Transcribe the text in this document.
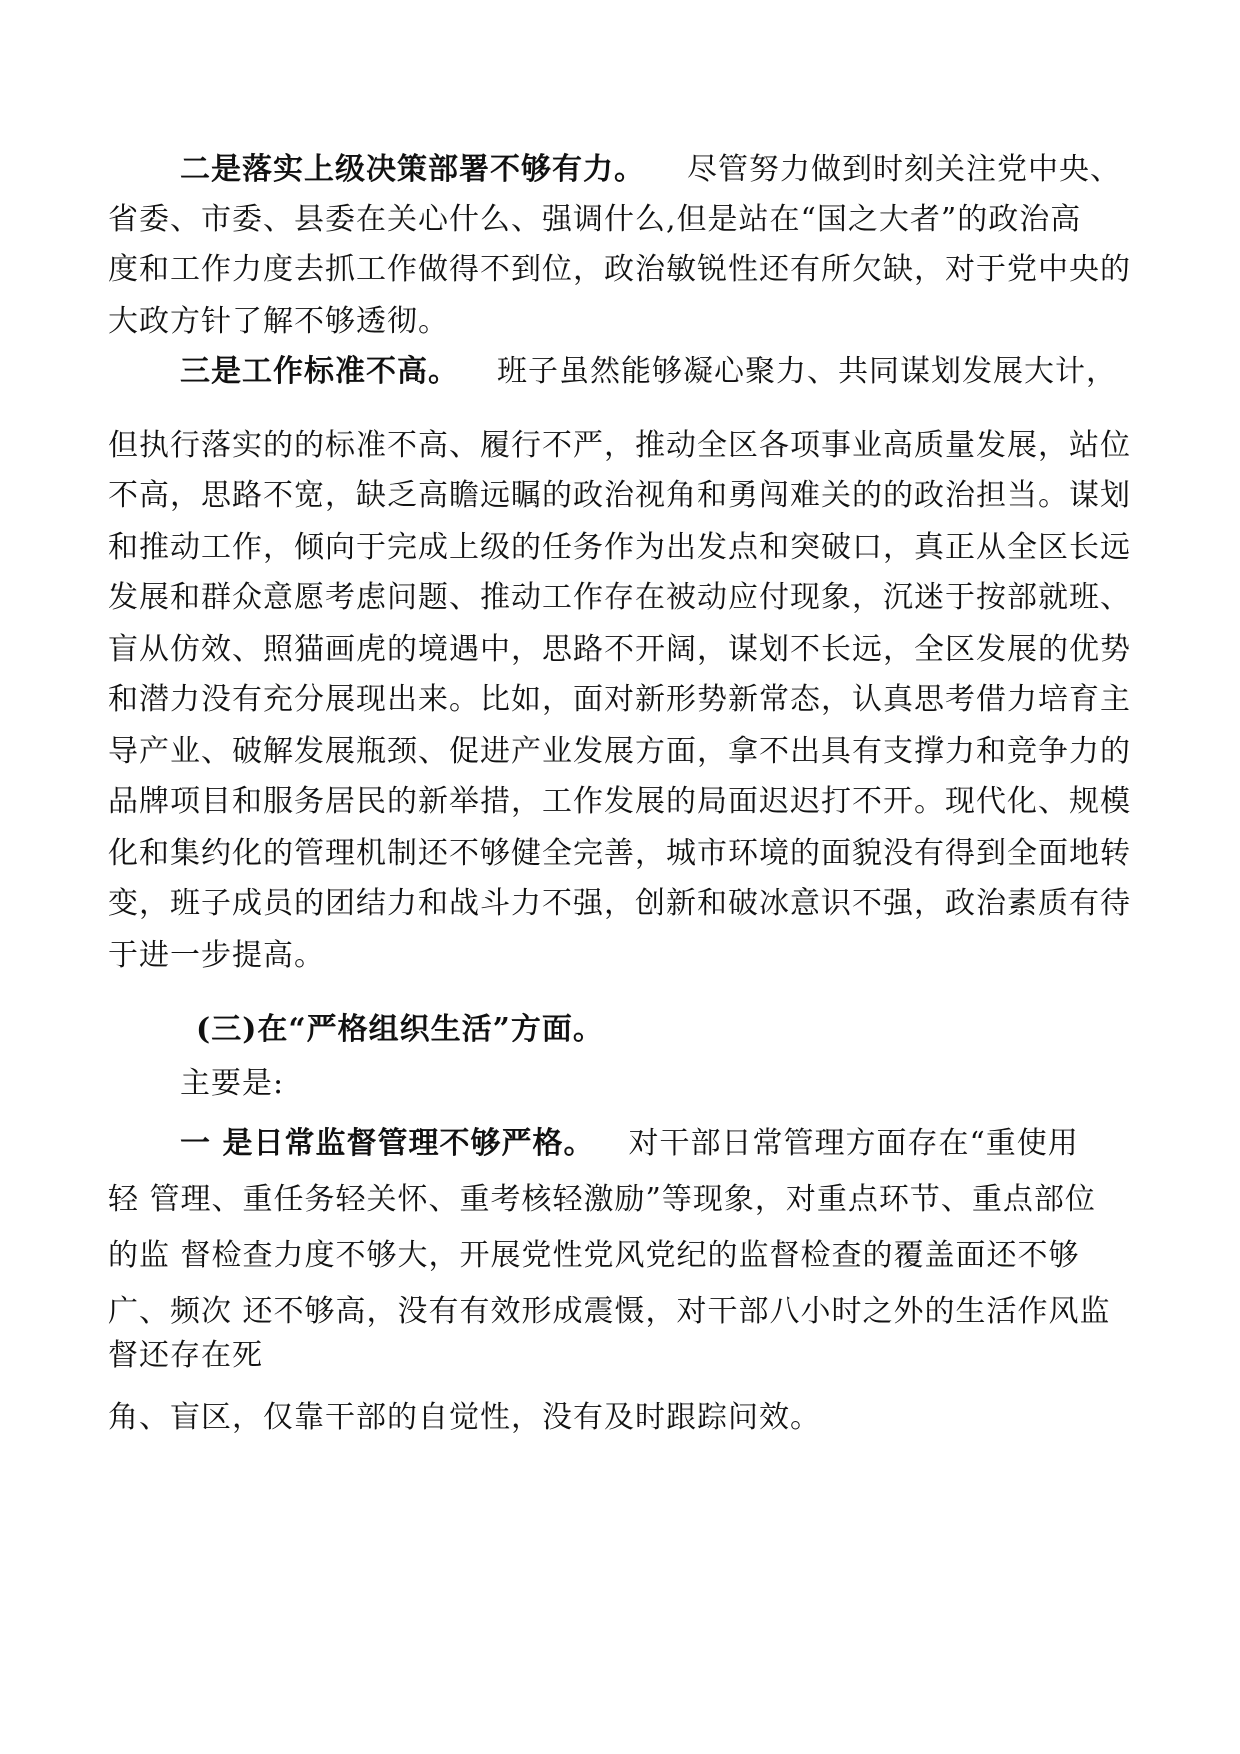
二是落实上级决策部署不够有力。 尽管努力做到时刻关注党中央、
省委、市委、县委在关心什么、强调什么,但是站在“国之大者”的政治高
度和工作力度去抓工作做得不到位，政治敏锐性还有所欠缺，对于党中央的
大政方针了解不够透彻。
三是工作标准不高。 班子虽然能够凝心聚力、共同谋划发展大计，
但执行落实的的标准不高、履行不严，推动全区各项事业高质量发展，站位
不高，思路不宽，缺乏高瞻远瞩的政治视角和勇闯难关的的政治担当。谋划
和推动工作，倾向于完成上级的任务作为出发点和突破口，真正从全区长远
发展和群众意愿考虑问题、推动工作存在被动应付现象，沉迷于按部就班、
盲从仿效、照猫画虎的境遇中，思路不开阔，谋划不长远，全区发展的优势
和潜力没有充分展现出来。比如，面对新形势新常态，认真思考借力培育主
导产业、破解发展瓶颈、促进产业发展方面，拿不出具有支撑力和竞争力的
品牌项目和服务居民的新举措，工作发展的局面迟迟打不开。现代化、规模
化和集约化的管理机制还不够健全完善，城市环境的面貌没有得到全面地转
变，班子成员的团结力和战斗力不强，创新和破冰意识不强，政治素质有待
于进一步提高。
(三)在“严格组织生活”方面。
主要是:
一 是日常监督管理不够严格。 对干部日常管理方面存在“重使用
轻 管理、重任务轻关怀、重考核轻激励”等现象，对重点环节、重点部位
的监 督检查力度不够大，开展党性党风党纪的监督检查的覆盖面还不够
广、频次 还不够高，没有有效形成震慑，对干部八小时之外的生活作风监
督还存在死
角、盲区，仅靠干部的自觉性，没有及时跟踪问效。
